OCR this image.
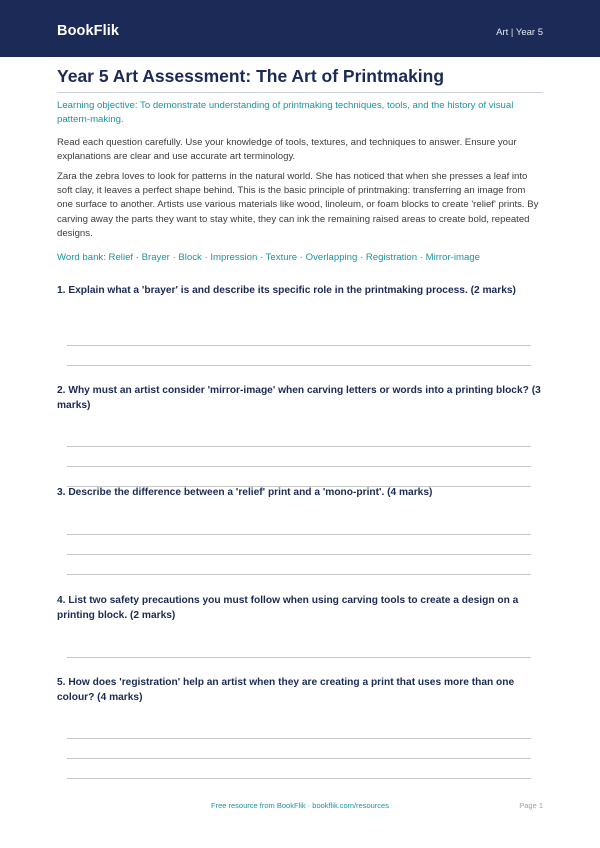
BookFlik	Art | Year 5
Year 5 Art Assessment: The Art of Printmaking
Learning objective: To demonstrate understanding of printmaking techniques, tools, and the history of visual pattern-making.
Read each question carefully. Use your knowledge of tools, textures, and techniques to answer. Ensure your explanations are clear and use accurate art terminology.
Zara the zebra loves to look for patterns in the natural world. She has noticed that when she presses a leaf into soft clay, it leaves a perfect shape behind. This is the basic principle of printmaking: transferring an image from one surface to another. Artists use various materials like wood, linoleum, or foam blocks to create 'relief' prints. By carving away the parts they want to stay white, they can ink the remaining raised areas to create bold, repeated designs.
Word bank: Relief · Brayer · Block · Impression · Texture · Overlapping · Registration · Mirror-image
1. Explain what a 'brayer' is and describe its specific role in the printmaking process. (2 marks)
2. Why must an artist consider 'mirror-image' when carving letters or words into a printing block? (3 marks)
3. Describe the difference between a 'relief' print and a 'mono-print'. (4 marks)
4. List two safety precautions you must follow when using carving tools to create a design on a printing block. (2 marks)
5. How does 'registration' help an artist when they are creating a print that uses more than one colour? (4 marks)
Free resource from BookFlik · bookflik.com/resources	Page 1
